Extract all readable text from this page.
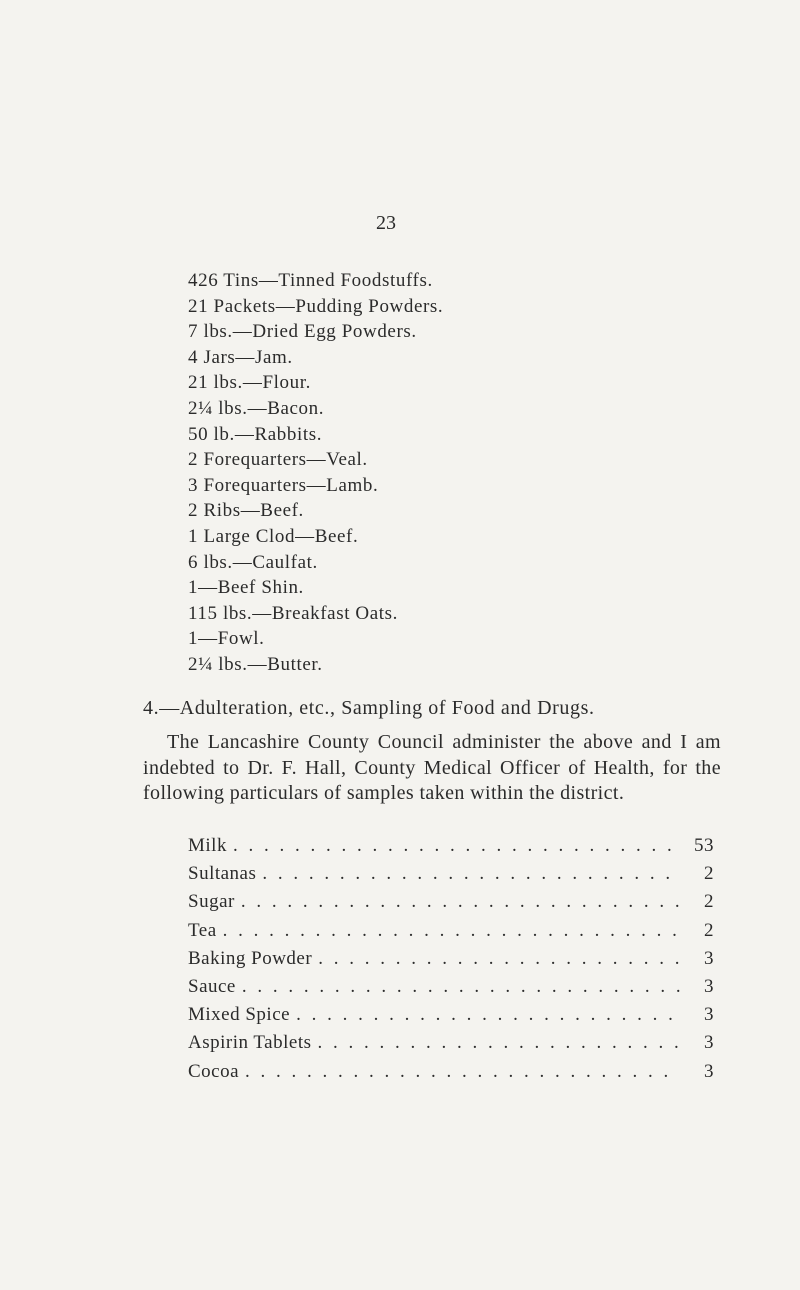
23
426 Tins—Tinned Foodstuffs.
21 Packets—Pudding Powders.
7 lbs.—Dried Egg Powders.
4 Jars—Jam.
21 lbs.—Flour.
2¼ lbs.—Bacon.
50 lb.—Rabbits.
2 Forequarters—Veal.
3 Forequarters—Lamb.
2 Ribs—Beef.
1 Large Clod—Beef.
6 lbs.—Caulfat.
1—Beef Shin.
115 lbs.—Breakfast Oats.
1—Fowl.
2¼ lbs.—Butter.
4.—Adulteration, etc., Sampling of Food and Drugs.

The Lancashire County Council administer the above and I am indebted to Dr. F. Hall, County Medical Officer of Health, for the following particulars of samples taken within the district.

Milk . . .	53
Sultanas . . .	2
Sugar . . .	2
Tea . . .	2
Baking Powder . . .	3
Sauce . . .	3
Mixed Spice . . .	3
Aspirin Tablets . . .	3
Cocoa . . .	3
